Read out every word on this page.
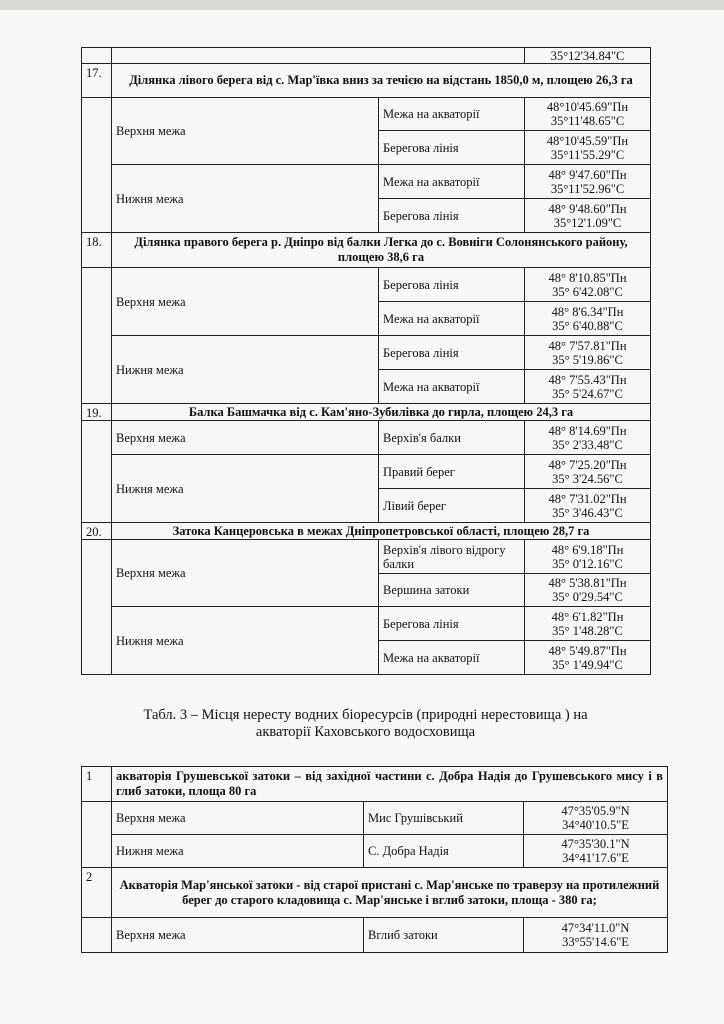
			35°12'34.84"С

17.	Ділянка лівого берега від с. Мар'ївка вниз за течією на відстань 1850,0 м, площею 26,3 га		
	Верхня межа	Межа на акваторії	48°10'45.69"Пн
35°11'48.65"С

		Берегова лінія	48°10'45.59"Пн
35°11'55.29"С

	Нижня межа	Межа на акваторії	48° 9'47.60"Пн
35°11'52.96"С

		Берегова лінія	48° 9'48.60"Пн
35°12'1.09"С

18.	Ділянка правого берега р. Дніпро від балки Легка до с. Вовніги Солонянського району, площею 38,6 га		
	Верхня межа	Берегова лінія	48° 8'10.85"Пн
35° 6'42.08"С

		Межа на акваторії	48° 8'6.34"Пн
35° 6'40.88"С

	Нижня межа	Берегова лінія	48° 7'57.81"Пн
35° 5'19.86"С

		Межа на акваторії	48° 7'55.43"Пн
35° 5'24.67"С

19.	Балка Башмачка від с. Кам'яно-Зубилівка до гирла, площею 24,3 га		
	Верхня межа	Верхів'я балки	48° 8'14.69"Пн
35° 2'33.48"С

	Нижня межа	Правий берег	48° 7'25.20"Пн
35° 3'24.56"С

		Лівий берег	48° 7'31.02"Пн
35° 3'46.43"С

20.	Затока Канцеровська в межах Дніпропетровської області, площею 28,7 га		
	Верхня межа	Верхів'я лівого відрогу балки	48° 6'9.18"Пн
35° 0'12.16"С

		Вершина затоки	48° 5'38.81"Пн
35° 0'29.54"С

	Нижня межа	Берегова лінія	48° 6'1.82"Пн
35° 1'48.28"С

		Межа на акваторії	48° 5'49.87"Пн
35° 1'49.94"С
Табл. 3 – Місця нересту водних біоресурсів (природні нерестовища ) на
акваторії Каховського водосховища
1	акваторія Грушевської затоки – від західної частини с. Добра Надія до Грушевського мису і в глиб затоки, площа 80 га		
	Верхня межа	Мис Грушівський	47°35'05.9"N
34°40'10.5"E

	Нижня межа	С. Добра Надія	47°35'30.1"N
34°41'17.6"E

2	Акваторія Мар'янської затоки - від старої пристані с. Мар'янське по траверзу на протилежний берег до старого кладовища с. Мар'янське і вглиб затоки, площа - 380 га;		
	Верхня межа	Вглиб затоки	47°34'11.0"N
33°55'14.6"E
